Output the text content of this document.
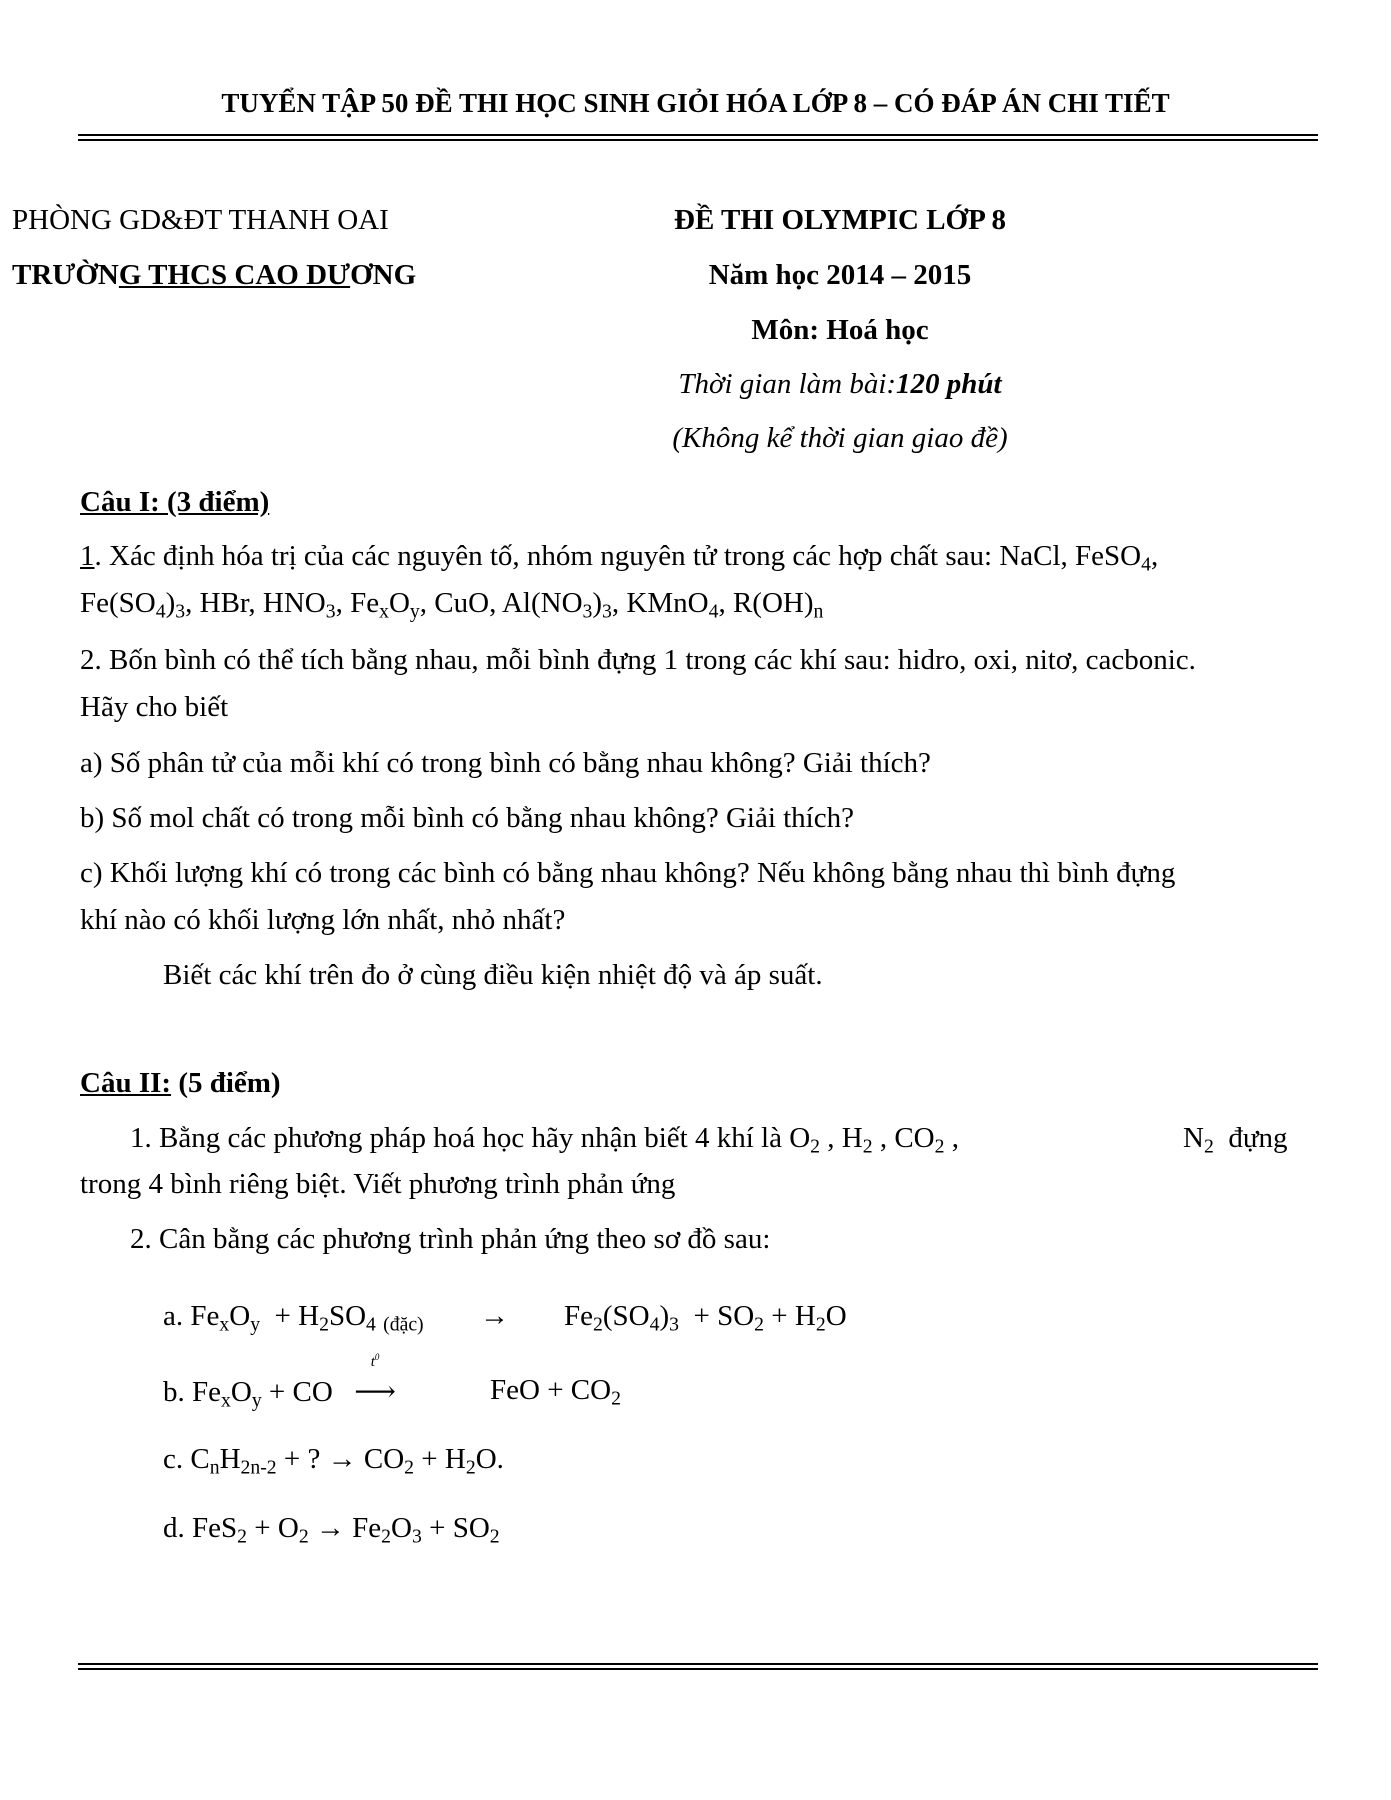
TUYỂN TẬP 50 ĐỀ THI HỌC SINH GIỎI HÓA LỚP 8 – CÓ ĐÁP ÁN CHI TIẾT
PHÒNG GD&ĐT THANH OAI
TRƯỜNG THCS CAO DƯƠNG
ĐỀ THI OLYMPIC LỚP 8
Năm học 2014 – 2015
Môn: Hoá học
Thời gian làm bài:120 phút
(Không kể thời gian giao đề)
Câu I: (3 điểm)
1. Xác định hóa trị của các nguyên tố, nhóm nguyên tử trong các hợp chất sau: NaCl, FeSO$_4$,
$Fe(SO_4)_3$, HBr, $HNO_3$, $Fe_xO_y$, CuO, $Al(NO_3)_3$, KMnO$_4$, $R(OH)_n$
2. Bốn bình có thể tích bằng nhau, mỗi bình đựng 1 trong các khí sau: hidro, oxi, nitơ, cacbonic.
Hãy cho biết
a) Số phân tử của mỗi khí có trong bình có bằng nhau không? Giải thích?
b) Số mol chất có trong mỗi bình có bằng nhau không? Giải thích?
c) Khối lượng khí có trong các bình có bằng nhau không? Nếu không bằng nhau thì bình đựng
khí nào có khối lượng lớn nhất, nhỏ nhất?
Biết các khí trên đo ở cùng điều kiện nhiệt độ và áp suất.
Câu II: (5 điểm)
1. Bằng các phương pháp hoá học hãy nhận biết 4 khí là $O_2$ , $H_2$ , $CO_2$ ,	$N_2$ đựng
trong 4 bình riêng biệt. Viết phương trình phản ứng
2. Cân bằng các phương trình phản ứng theo sơ đồ sau:
a. $Fe_xO_y + H_2SO_4$ $_{(đặc)} \to Fe_2(SO_4)_3 + SO_2 + H_2O$
b. $Fe_xO_y$ + CO
$t^0$
⟶	FeO + $CO_2$
c. $C_nH_{2n-2}$ + ? → $CO_2 + H_2O$.
d. $FeS_2 + O_2 \to Fe_2O_3 + SO_2$
